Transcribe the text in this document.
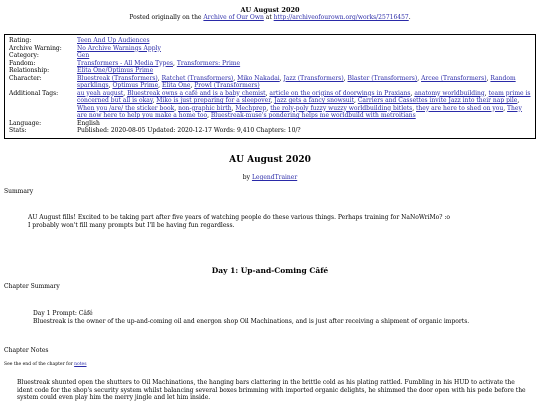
AU August 2020
Posted originally on the Archive of Our Own at http://archiveofourown.org/works/25716457.
Rating:	Teen And Up Audiences
Archive Warning:	No Archive Warnings Apply
Category:	Gen
Fandom:	Transformers - All Media Types, Transformers: Prime
Relationship:	Elita One/Optimus Prime
Character:	Bluestreak (Transformers), Ratchet (Transformers), Miko Nakadai, Jazz (Transformers), Blaster (Transformers), Arcee (Transformers), Random sparklings, Optimus Prime, Elita One, Prowl (Transformers)
Additional Tags:	au yeah august, Bluestreak owns a café and is a baby chemist, article on the origins of doorwings in Praxians, anatomy worldbuilding, team prime is concerned but all is okay, Miko is just preparing for a sleepover, Jazz gets a fancy snowsuit, Carriers and Cassettes invite Jazz into their nap pile, When you /are/ the sticker book, non-graphic birth, Mechprep, the roly-poly fuzzy wuzzy worldbuilding bitlets, they are here to shed on you, They are now here to help you make a home too, Bluestreak-muse's pondering helps me worldbuild with metroitians
Language:	English
Stats:	Published: 2020-08-05 Updated: 2020-12-17 Words: 9,410 Chapters: 10/?
AU August 2020
by LegendTrainer
Summary
AU August fills! Excited to be taking part after five years of watching people do these various things. Perhaps training for NaNoWriMo? :o
I probably won't fill many prompts but I'll be having fun regardless.
Day 1: Up-and-Coming Câfé
Chapter Summary
Day 1 Prompt: Câfé
Bluestreak is the owner of the up-and-coming oil and energon shop Oil Machinations, and is just after receiving a shipment of organic imports.
Chapter Notes
See the end of the chapter for notes
Bluestreak shunted open the shutters to Oil Machinations, the hanging bars clattering in the brittle cold as his plating rattled. Fumbling in his HUD to activate the ident code for the shop's security system whilst balancing several boxes brimming with imported organic delights, he shimmed the door open with his pede before the system could even play him the merry jingle and let him inside.
